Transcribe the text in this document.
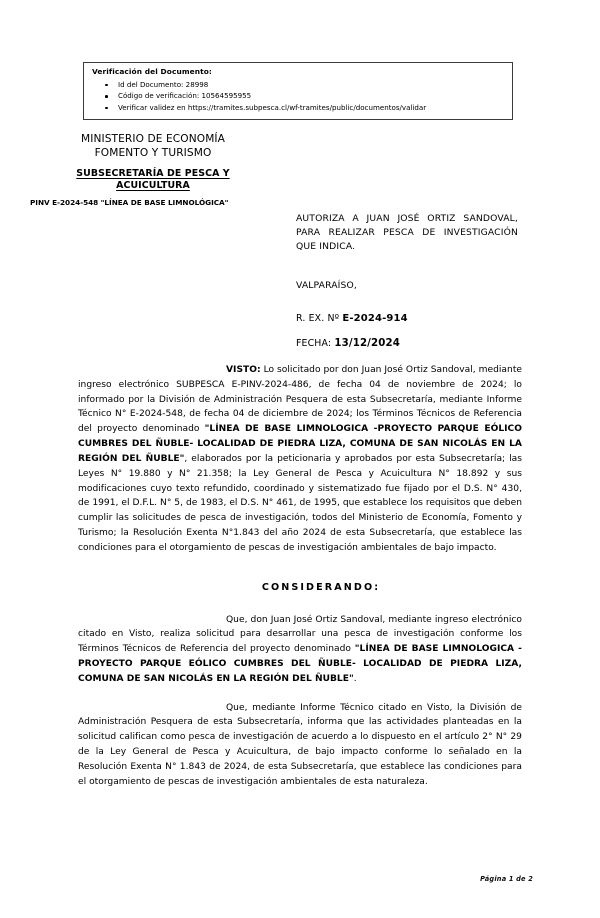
Verificación del Documento:
Id del Documento: 28998
Código de verificación: 10564595955
Verificar validez en https://tramites.subpesca.cl/wf-tramites/public/documentos/validar
MINISTERIO DE ECONOMÍA
FOMENTO Y TURISMO
SUBSECRETARÍA DE PESCA Y
ACUICULTURA
PINV E-2024-548 "LÍNEA DE BASE LIMNOLÓGICA"
AUTORIZA A JUAN JOSÉ ORTIZ SANDOVAL, PARA REALIZAR PESCA DE INVESTIGACIÓN QUE INDICA.
VALPARAÍSO,
R. EX. Nº E-2024-914
FECHA: 13/12/2024

VISTO: Lo solicitado por don Juan José Ortiz Sandoval, mediante ingreso electrónico SUBPESCA E-PINV-2024-486, de fecha 04 de noviembre de 2024; lo informado por la División de Administración Pesquera de esta Subsecretaría, mediante Informe Técnico N° E-2024-548, de fecha 04 de diciembre de 2024; los Términos Técnicos de Referencia del proyecto denominado "LÍNEA DE BASE LIMNOLOGICA -PROYECTO PARQUE EÓLICO CUMBRES DEL ÑUBLE- LOCALIDAD DE PIEDRA LIZA, COMUNA DE SAN NICOLÁS EN LA REGIÓN DEL ÑUBLE", elaborados por la peticionaria y aprobados por esta Subsecretaría; las Leyes N° 19.880 y N° 21.358; la Ley General de Pesca y Acuicultura N° 18.892 y sus modificaciones cuyo texto refundido, coordinado y sistematizado fue fijado por el D.S. N° 430, de 1991, el D.F.L. N° 5, de 1983, el D.S. N° 461, de 1995, que establece los requisitos que deben cumplir las solicitudes de pesca de investigación, todos del Ministerio de Economía, Fomento y Turismo; la Resolución Exenta N°1.843 del año 2024 de esta Subsecretaría, que establece las condiciones para el otorgamiento de pescas de investigación ambientales de bajo impacto.

CONSIDERANDO:

Que, don Juan José Ortiz Sandoval, mediante ingreso electrónico citado en Visto, realiza solicitud para desarrollar una pesca de investigación conforme los Términos Técnicos de Referencia del proyecto denominado "LÍNEA DE BASE LIMNOLOGICA -PROYECTO PARQUE EÓLICO CUMBRES DEL ÑUBLE- LOCALIDAD DE PIEDRA LIZA, COMUNA DE SAN NICOLÁS EN LA REGIÓN DEL ÑUBLE".

Que, mediante Informe Técnico citado en Visto, la División de Administración Pesquera de esta Subsecretaría, informa que las actividades planteadas en la solicitud califican como pesca de investigación de acuerdo a lo dispuesto en el artículo 2° N° 29 de la Ley General de Pesca y Acuicultura, de bajo impacto conforme lo señalado en la Resolución Exenta N° 1.843 de 2024, de esta Subsecretaría, que establece las condiciones para el otorgamiento de pescas de investigación ambientales de esta naturaleza.

Página 1 de 2
